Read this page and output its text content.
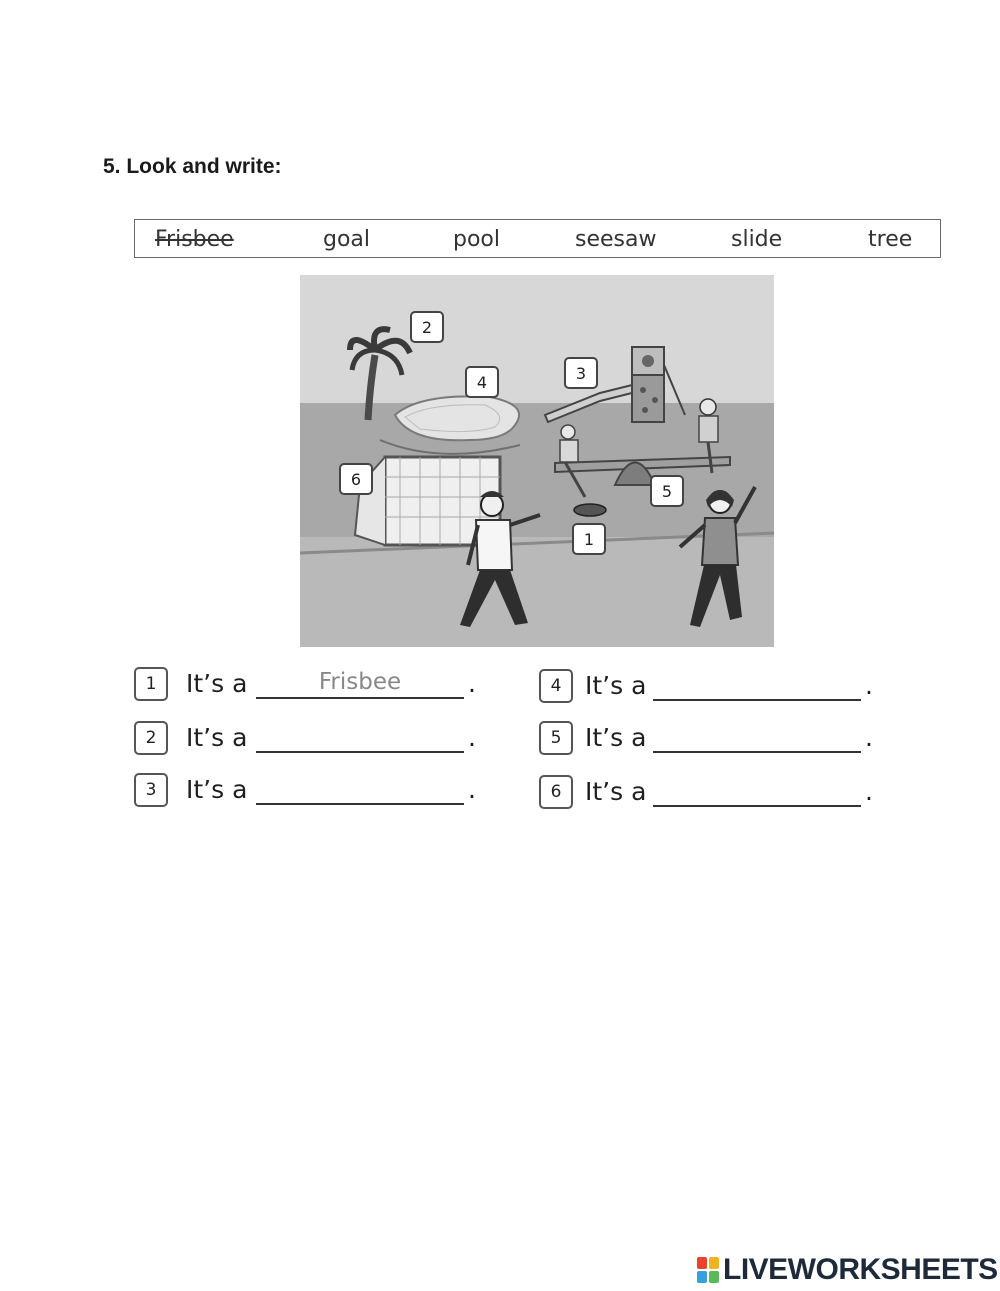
5. Look and write:
Frisbee	goal	pool	seesaw	slide	tree
1
2
3
4
5
6
1	It’s a	Frisbee	.
2	It’s a	.
3	It’s a	.
4 It’s a	.
5 It’s a	.
6 It’s a	.
LIVEWORKSHEETS
